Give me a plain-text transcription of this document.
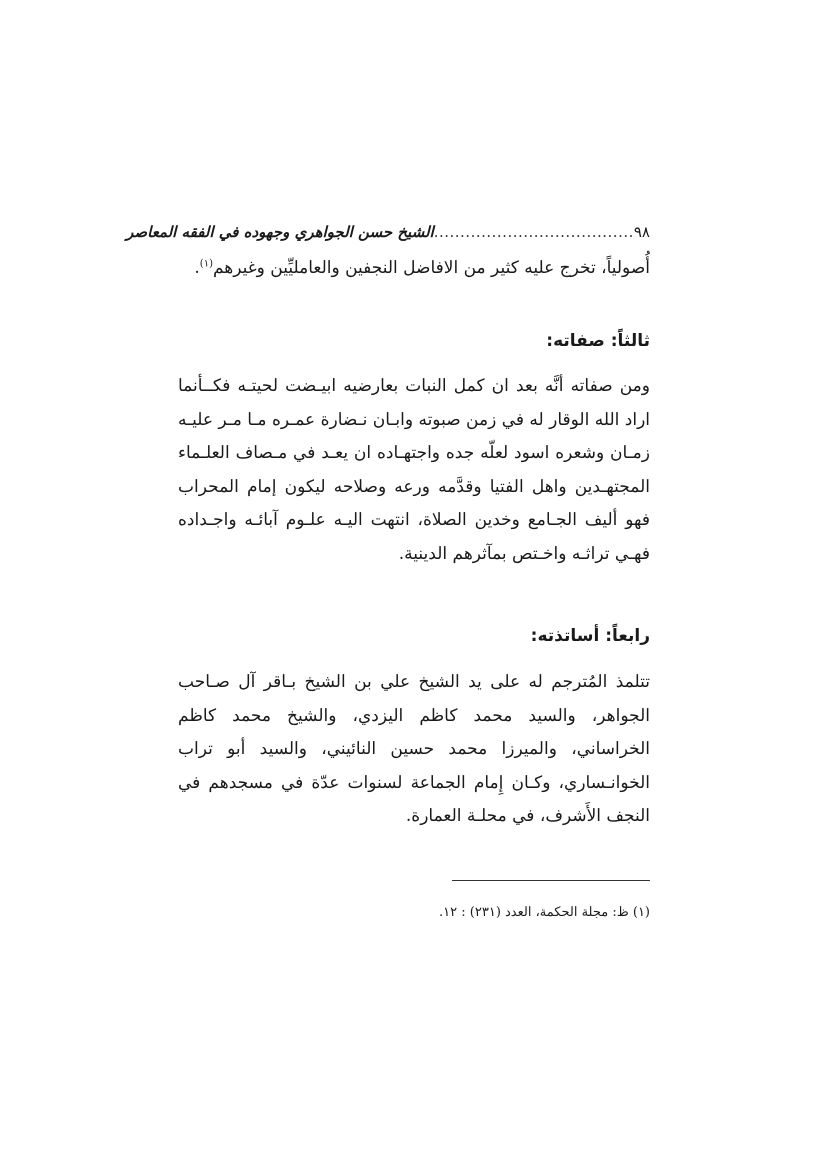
٩٨
......................................
الشيخ حسن الجواهري وجهوده في الفقه المعاصر

أُصولياً، تخرج عليه كثير من الافاضل النجفين والعامليِّين وغيرهم$^{(١)}$.

ثالثاً: صفاته:

ومن صفاته أنَّه بعد ان كمل النبات بعارضيه ابيـضت لحيتـه فكــأنما اراد الله الوقار له في زمن صبوته وابـان نـضارة عمـره مـا مـر عليـه زمـان وشعره اسود لعلّه جده واجتهـاده ان يعـد في مـصاف العلـماء المجتهـدين واهل الفتيا وقدَّمه ورعه وصلاحه ليكون إمام المحراب فهو أليف الجـامع وخدين الصلاة، انتهت اليـه علـوم آبائـه واجـداده فهـي تراثـه واخـتص بمآثرهم الدينية.

رابعاً: أساتذته:

تتلمذ المُترجم له على يد الشيخ علي بن الشيخ بـاقر آل صـاحب الجواهر، والسيد محمد كاظم اليزدي، والشيخ محمد كاظم الخراساني، والميرزا محمد حسين النائيني، والسيد أبو تراب الخوانـساري، وكـان إِمام الجماعة لسنوات عدّة في مسجدهم في النجف الأَشرف، في محلـة العمارة.

(١) ظ: مجلة الحكمة، العدد (٢٣١) : ١٢.
